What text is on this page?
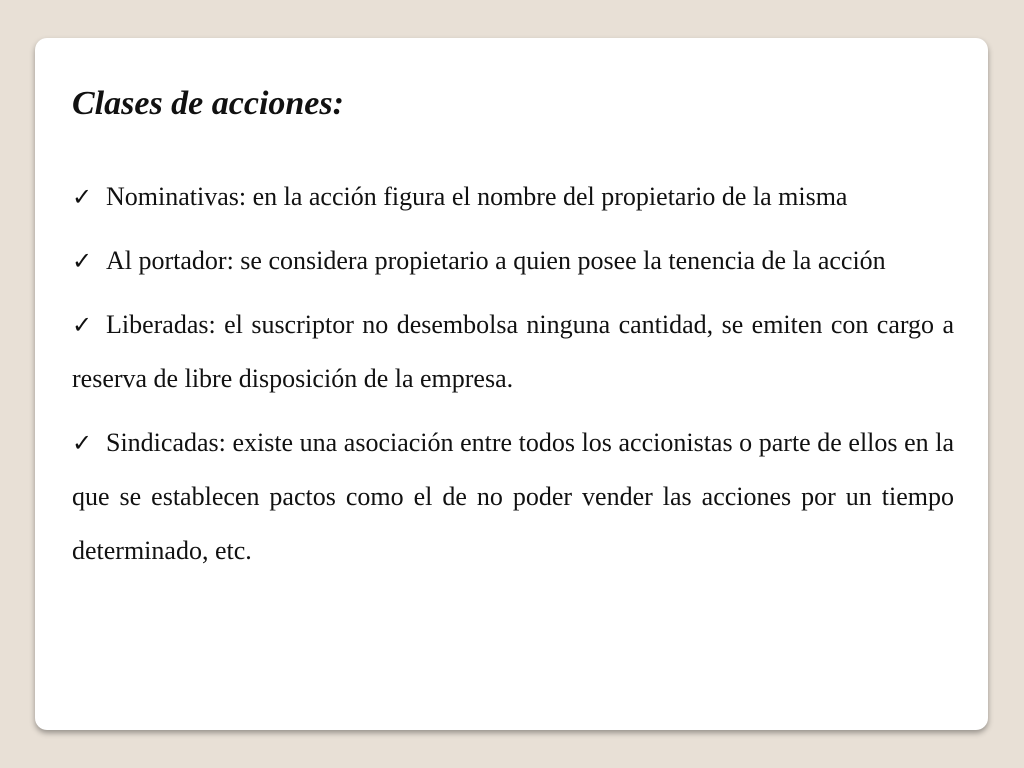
Clases de acciones:
✓ Nominativas: en la acción figura el nombre del propietario de la misma
✓ Al portador: se considera propietario a quien posee la tenencia de la acción
✓ Liberadas: el suscriptor no desembolsa ninguna cantidad, se emiten con cargo a reserva de libre disposición de la empresa.
✓ Sindicadas: existe una asociación entre todos los accionistas o parte de ellos en la que se establecen pactos como el de no poder vender las acciones por un tiempo determinado, etc.
